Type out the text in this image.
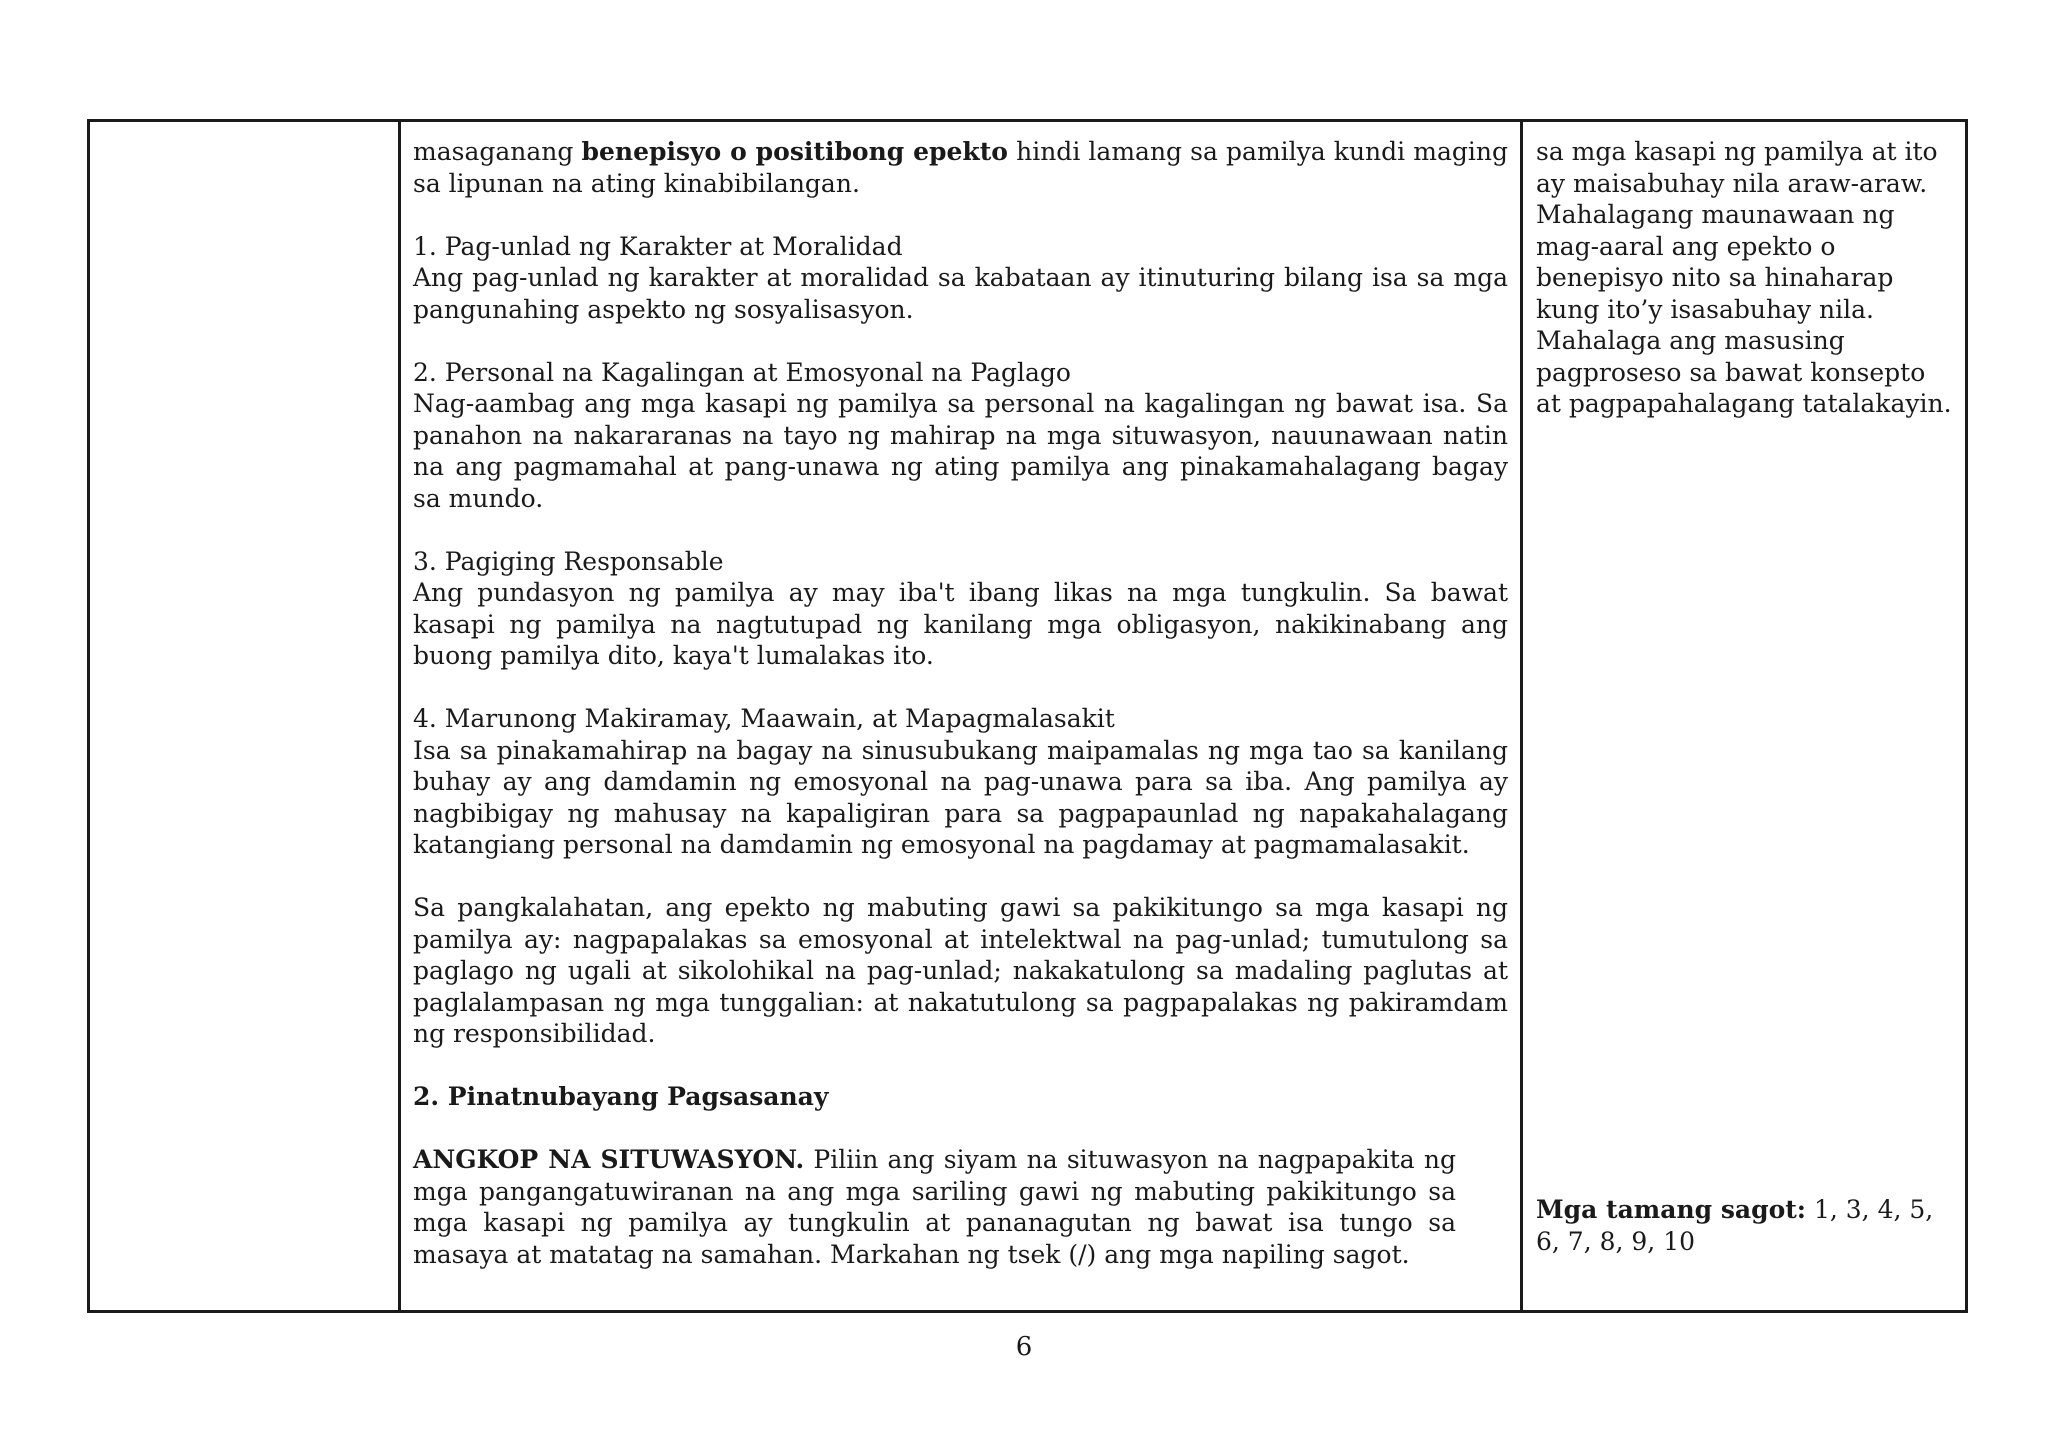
masaganang benepisyo o positibong epekto hindi lamang sa pamilya kundi maging sa lipunan na ating kinabibilangan.

1. Pag-unlad ng Karakter at Moralidad

Ang pag-unlad ng karakter at moralidad sa kabataan ay itinuturing bilang isa sa mga pangunahing aspekto ng sosyalisasyon.

2. Personal na Kagalingan at Emosyonal na Paglago

Nag-aambag ang mga kasapi ng pamilya sa personal na kagalingan ng bawat isa. Sa panahon na nakararanas na tayo ng mahirap na mga situwasyon, nauunawaan natin na ang pagmamahal at pang-unawa ng ating pamilya ang pinakamahalagang bagay sa mundo.

3. Pagiging Responsable

Ang pundasyon ng pamilya ay may iba't ibang likas na mga tungkulin. Sa bawat kasapi ng pamilya na nagtutupad ng kanilang mga obligasyon, nakikinabang ang buong pamilya dito, kaya't lumalakas ito.

4. Marunong Makiramay, Maawain, at Mapagmalasakit

Isa sa pinakamahirap na bagay na sinusubukang maipamalas ng mga tao sa kanilang buhay ay ang damdamin ng emosyonal na pag-unawa para sa iba. Ang pamilya ay nagbibigay ng mahusay na kapaligiran para sa pagpapaunlad ng napakahalagang katangiang personal na damdamin ng emosyonal na pagdamay at pagmamalasakit.

Sa pangkalahatan, ang epekto ng mabuting gawi sa pakikitungo sa mga kasapi ng pamilya ay: nagpapalakas sa emosyonal at intelektwal na pag-unlad; tumutulong sa paglago ng ugali at sikolohikal na pag-unlad; nakakatulong sa madaling paglutas at paglalampasan ng mga tunggalian: at nakatutulong sa pagpapalakas ng pakiramdam ng responsibilidad.

2. Pinatnubayang Pagsasanay

ANGKOP NA SITUWASYON. Piliin ang siyam na situwasyon na nagpapakita ng mga pangangatuwiranan na ang mga sariling gawi ng mabuting pakikitungo sa mga kasapi ng pamilya ay tungkulin at pananagutan ng bawat isa tungo sa masaya at matatag na samahan. Markahan ng tsek (/) ang mga napiling sagot.

sa mga kasapi ng pamilya at ito ay maisabuhay nila araw-araw. Mahalagang maunawaan ng mag-aaral ang epekto o benepisyo nito sa hinaharap kung ito’y isasabuhay nila. Mahalaga ang masusing pagproseso sa bawat konsepto at pagpapahalagang tatalakayin.

Mga tamang sagot: 1, 3, 4, 5, 6, 7, 8, 9, 10

6
